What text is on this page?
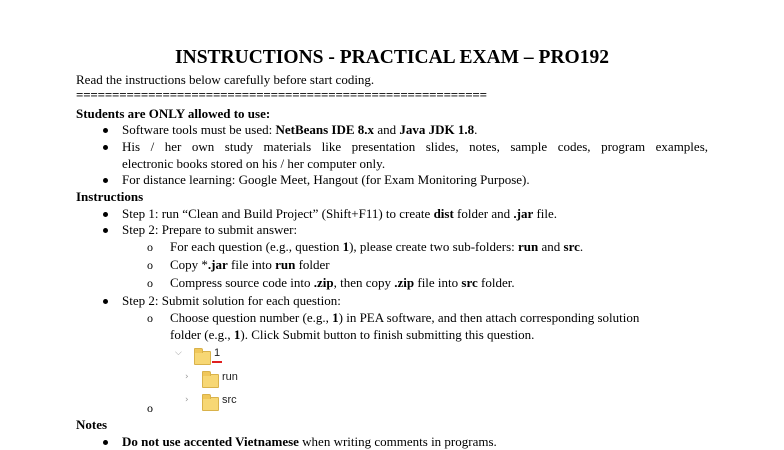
INSTRUCTIONS - PRACTICAL EXAM – PRO192
Read the instructions below carefully before start coding.
=========================================================
Students are ONLY allowed to use:
Software tools must be used: NetBeans IDE 8.x and Java JDK 1.8.
His / her own study materials like presentation slides, notes, sample codes, program examples,
electronic books stored on his / her computer only.
For distance learning: Google Meet, Hangout (for Exam Monitoring Purpose).
Instructions
Step 1: run “Clean and Build Project” (Shift+F11) to create dist folder and .jar file.
Step 2: Prepare to submit answer:
o For each question (e.g., question 1), please create two sub-folders: run and src.
o Copy *.jar file into run folder
o Compress source code into .zip, then copy .zip file into src folder.
Step 2: Submit solution for each question:
o Choose question number (e.g., 1) in PEA software, and then attach corresponding solution
folder (e.g., 1). Click Submit button to finish submitting this question.
⌵	1
›	run
›	src
o
Notes
Do not use accented Vietnamese when writing comments in programs.
